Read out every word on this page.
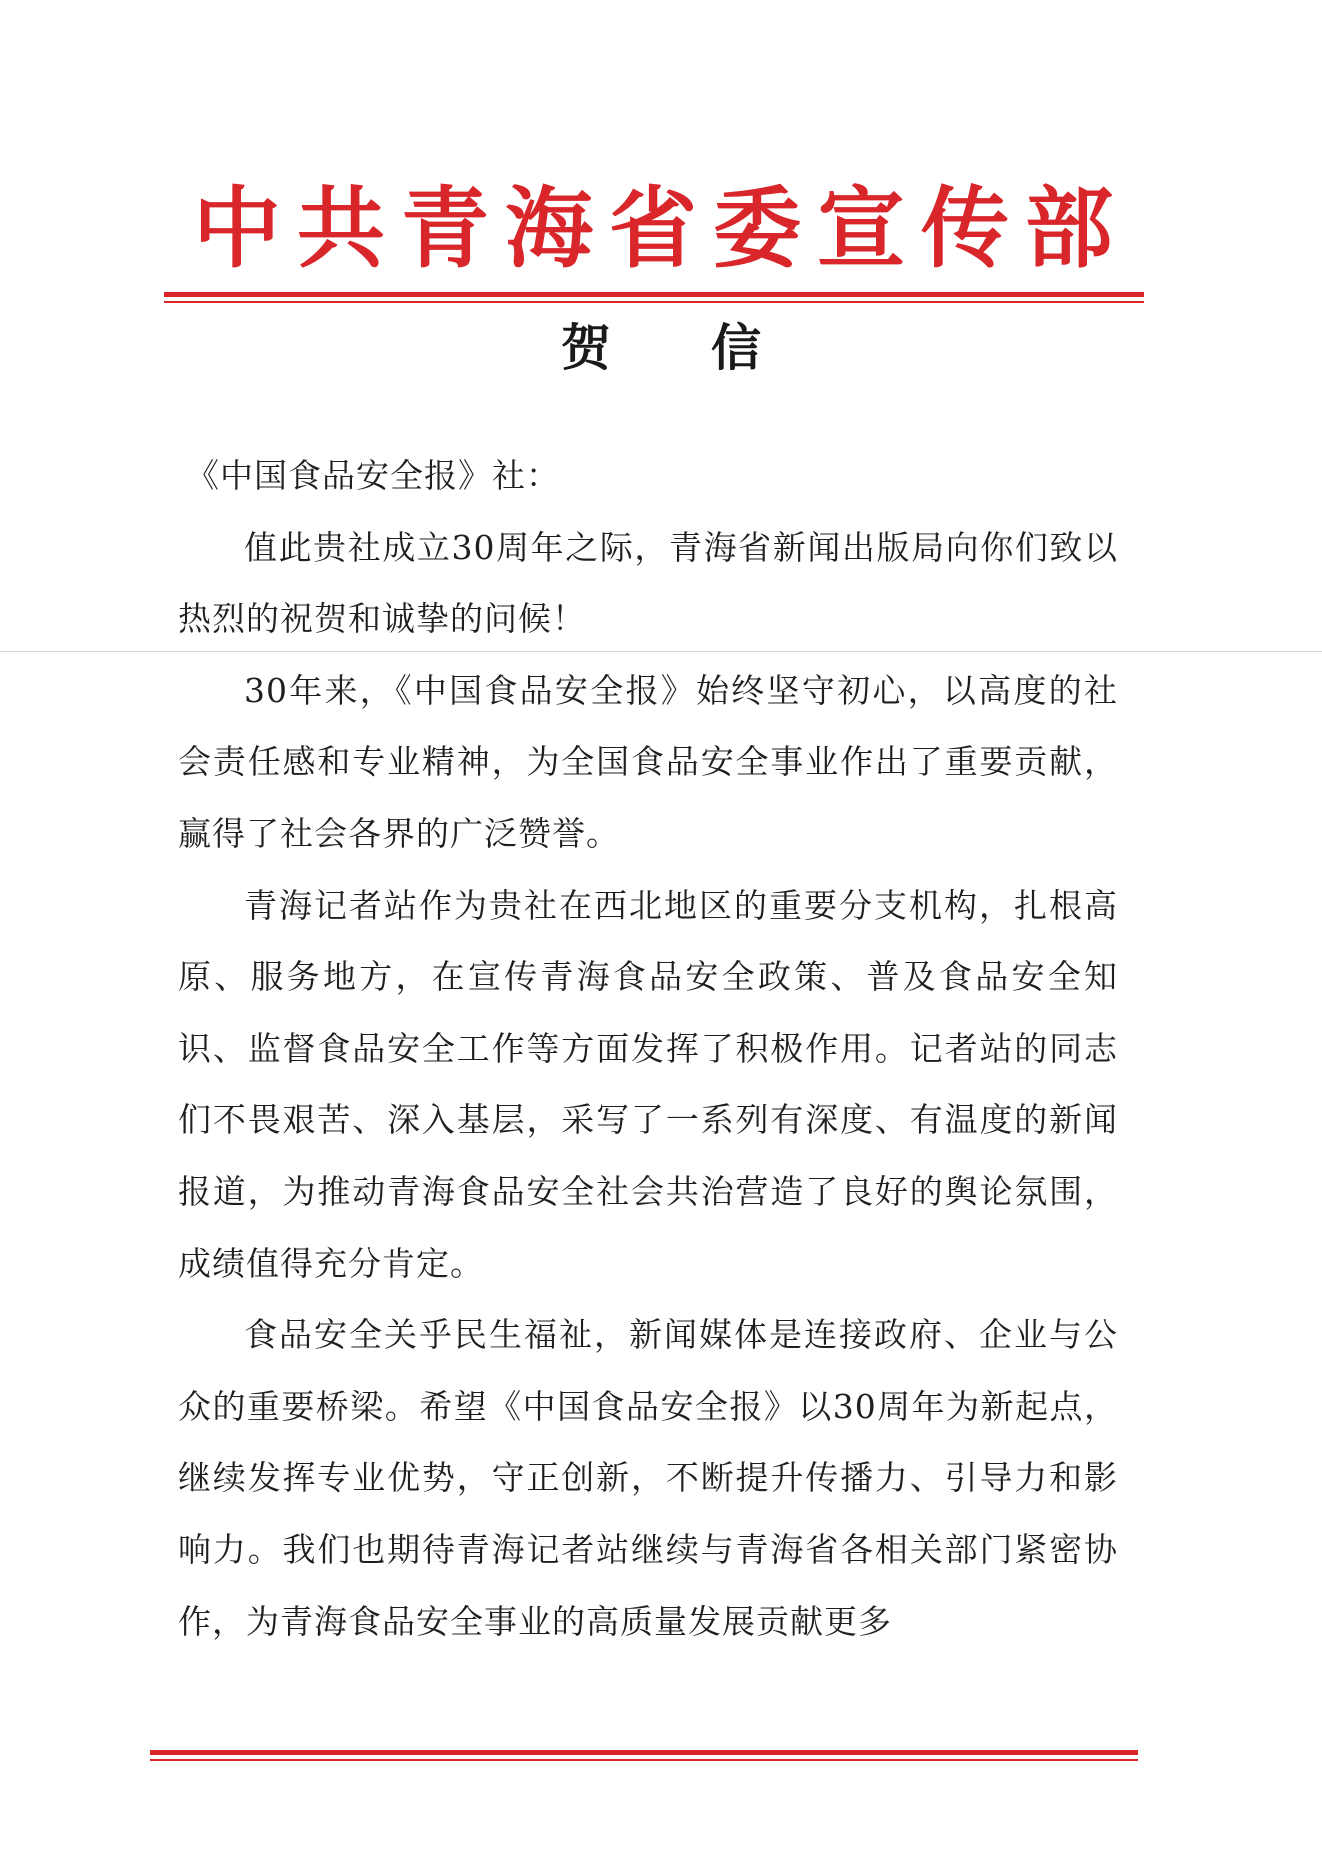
中共青海省委宣传部
贺　　信

《中国食品安全报》社：

值此贵社成立30周年之际，青海省新闻出版局向你们致以热烈的祝贺和诚挚的问候！

30年来，《中国食品安全报》始终坚守初心，以高度的社会责任感和专业精神，为全国食品安全事业作出了重要贡献，赢得了社会各界的广泛赞誉。

青海记者站作为贵社在西北地区的重要分支机构，扎根高原、服务地方，在宣传青海食品安全政策、普及食品安全知识、监督食品安全工作等方面发挥了积极作用。记者站的同志们不畏艰苦、深入基层，采写了一系列有深度、有温度的新闻报道，为推动青海食品安全社会共治营造了良好的舆论氛围，成绩值得充分肯定。

食品安全关乎民生福祉，新闻媒体是连接政府、企业与公众的重要桥梁。希望《中国食品安全报》以30周年为新起点，继续发挥专业优势，守正创新，不断提升传播力、引导力和影响力。我们也期待青海记者站继续与青海省各相关部门紧密协作，为青海食品安全事业的高质量发展贡献更多
